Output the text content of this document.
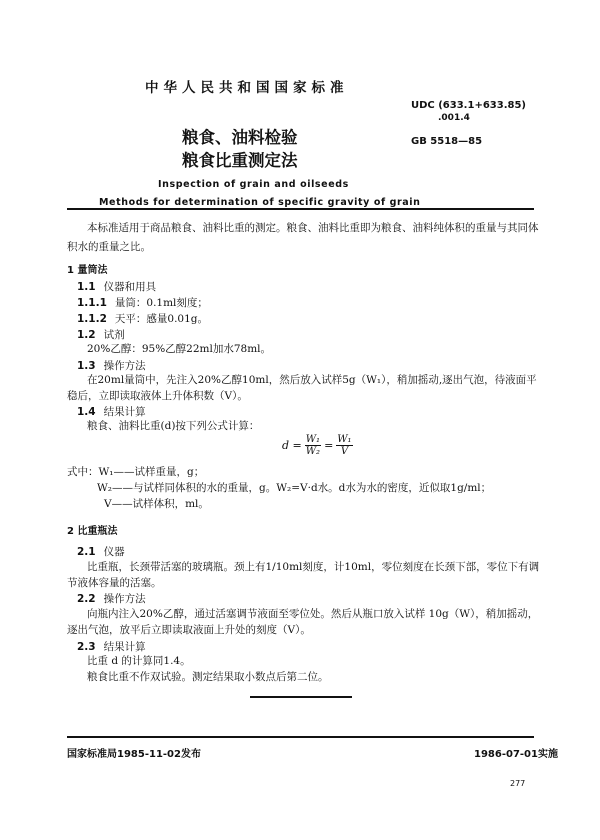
中华人民共和国国家标准
粮食、油料检验
粮食比重测定法
Inspection of grain and oilseeds
Methods for determination of specific gravity of grain
UDC (633.1+633.85)
.001.4
GB 5518—85
本标准适用于商品粮食、油料比重的测定。粮食、油料比重即为粮食、油料纯体积的重量与其同体
积水的重量之比。
1 量筒法
1.1 仪器和用具
1.1.1 量筒：0.1ml刻度；
1.1.2 天平：感量0.01g。
1.2 试剂
20%乙醇：95%乙醇22ml加水78ml。
1.3 操作方法
在20ml量筒中，先注入20%乙醇10ml，然后放入试样5g（W₁），稍加摇动,逐出气泡，待液面平
稳后，立即读取液体上升体积数（V）。
1.4 结果计算
粮食、油料比重(d)按下列公式计算：
$d = \frac{\text{W₁}}{\text{W₂}} = \frac{\text{W₁}}{V}$
式中：W₁——试样重量，g；
W₂——与试样同体积的水的重量，g。W₂=V·d水。d水为水的密度，近似取1g/ml；
V——试样体积，ml。
2 比重瓶法
2.1 仪器
比重瓶，长颈带活塞的玻璃瓶。颈上有1/10ml刻度，计10ml，零位刻度在长颈下部，零位下有调
节液体容量的活塞。
2.2 操作方法
向瓶内注入20%乙醇，通过活塞调节液面至零位处。然后从瓶口放入试样 10g（W），稍加摇动，
逐出气泡，放平后立即读取液面上升处的刻度（V）。
2.3 结果计算
比重 d 的计算同1.4。
粮食比重不作双试验。测定结果取小数点后第二位。
国家标准局1985-11-02发布	1986-07-01实施
277
